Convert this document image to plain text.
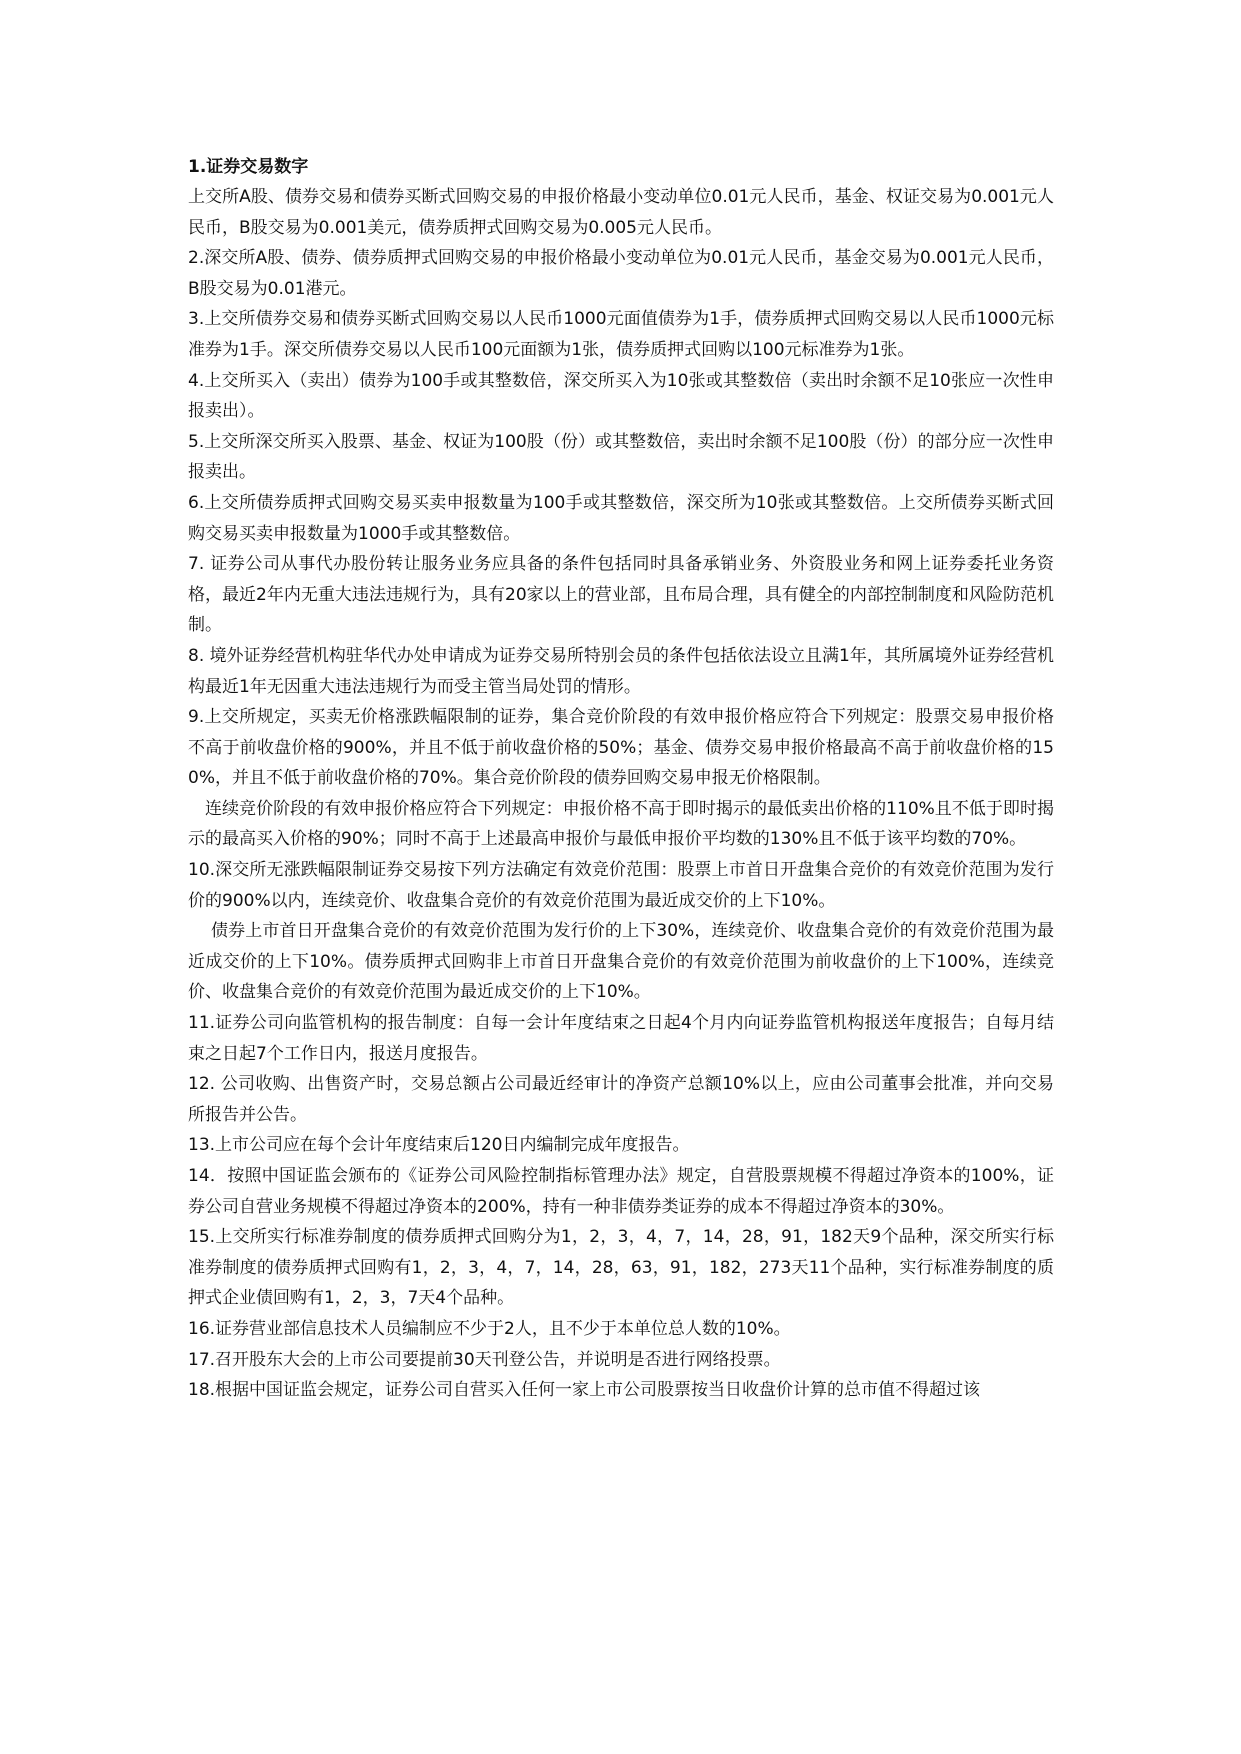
1.证券交易数字

上交所A股、债券交易和债券买断式回购交易的申报价格最小变动单位0.01元人民币，基金、权证交易为0.001元人民币，B股交易为0.001美元，债券质押式回购交易为0.005元人民币。

2.深交所A股、债券、债券质押式回购交易的申报价格最小变动单位为0.01元人民币，基金交易为0.001元人民币，B股交易为0.01港元。

3.上交所债券交易和债券买断式回购交易以人民币1000元面值债券为1手，债券质押式回购交易以人民币1000元标准券为1手。深交所债券交易以人民币100元面额为1张，债券质押式回购以100元标准券为1张。

4.上交所买入（卖出）债券为100手或其整数倍，深交所买入为10张或其整数倍（卖出时余额不足10张应一次性申报卖出）。

5.上交所深交所买入股票、基金、权证为100股（份）或其整数倍，卖出时余额不足100股（份）的部分应一次性申报卖出。

6.上交所债券质押式回购交易买卖申报数量为100手或其整数倍，深交所为10张或其整数倍。上交所债券买断式回购交易买卖申报数量为1000手或其整数倍。

7. 证券公司从事代办股份转让服务业务应具备的条件包括同时具备承销业务、外资股业务和网上证券委托业务资格，最近2年内无重大违法违规行为，具有20家以上的营业部，且布局合理，具有健全的内部控制制度和风险防范机制。

8. 境外证券经营机构驻华代办处申请成为证券交易所特别会员的条件包括依法设立且满1年，其所属境外证券经营机构最近1年无因重大违法违规行为而受主管当局处罚的情形。

9.上交所规定，买卖无价格涨跌幅限制的证券，集合竞价阶段的有效申报价格应符合下列规定：股票交易申报价格不高于前收盘价格的900%，并且不低于前收盘价格的50%；基金、债券交易申报价格最高不高于前收盘价格的150%，并且不低于前收盘价格的70%。集合竞价阶段的债券回购交易申报无价格限制。

连续竞价阶段的有效申报价格应符合下列规定：申报价格不高于即时揭示的最低卖出价格的110%且不低于即时揭示的最高买入价格的90%；同时不高于上述最高申报价与最低申报价平均数的130%且不低于该平均数的70%。

10.深交所无涨跌幅限制证券交易按下列方法确定有效竞价范围：股票上市首日开盘集合竞价的有效竞价范围为发行价的900%以内，连续竞价、收盘集合竞价的有效竞价范围为最近成交价的上下10%。

债券上市首日开盘集合竞价的有效竞价范围为发行价的上下30%，连续竞价、收盘集合竞价的有效竞价范围为最近成交价的上下10%。债券质押式回购非上市首日开盘集合竞价的有效竞价范围为前收盘价的上下100%，连续竞价、收盘集合竞价的有效竞价范围为最近成交价的上下10%。

11.证券公司向监管机构的报告制度：自每一会计年度结束之日起4个月内向证券监管机构报送年度报告；自每月结束之日起7个工作日内，报送月度报告。

12. 公司收购、出售资产时，交易总额占公司最近经审计的净资产总额10%以上，应由公司董事会批准，并向交易所报告并公告。

13.上市公司应在每个会计年度结束后120日内编制完成年度报告。

14．按照中国证监会颁布的《证券公司风险控制指标管理办法》规定，自营股票规模不得超过净资本的100%，证券公司自营业务规模不得超过净资本的200%，持有一种非债券类证券的成本不得超过净资本的30%。

15.上交所实行标准券制度的债券质押式回购分为1，2，3，4，7，14，28，91，182天9个品种，深交所实行标准券制度的债券质押式回购有1，2，3，4，7，14，28，63，91，182，273天11个品种，实行标准券制度的质押式企业债回购有1，2，3，7天4个品种。

16.证券营业部信息技术人员编制应不少于2人，且不少于本单位总人数的10%。

17.召开股东大会的上市公司要提前30天刊登公告，并说明是否进行网络投票。

18.根据中国证监会规定，证券公司自营买入任何一家上市公司股票按当日收盘价计算的总市值不得超过该
